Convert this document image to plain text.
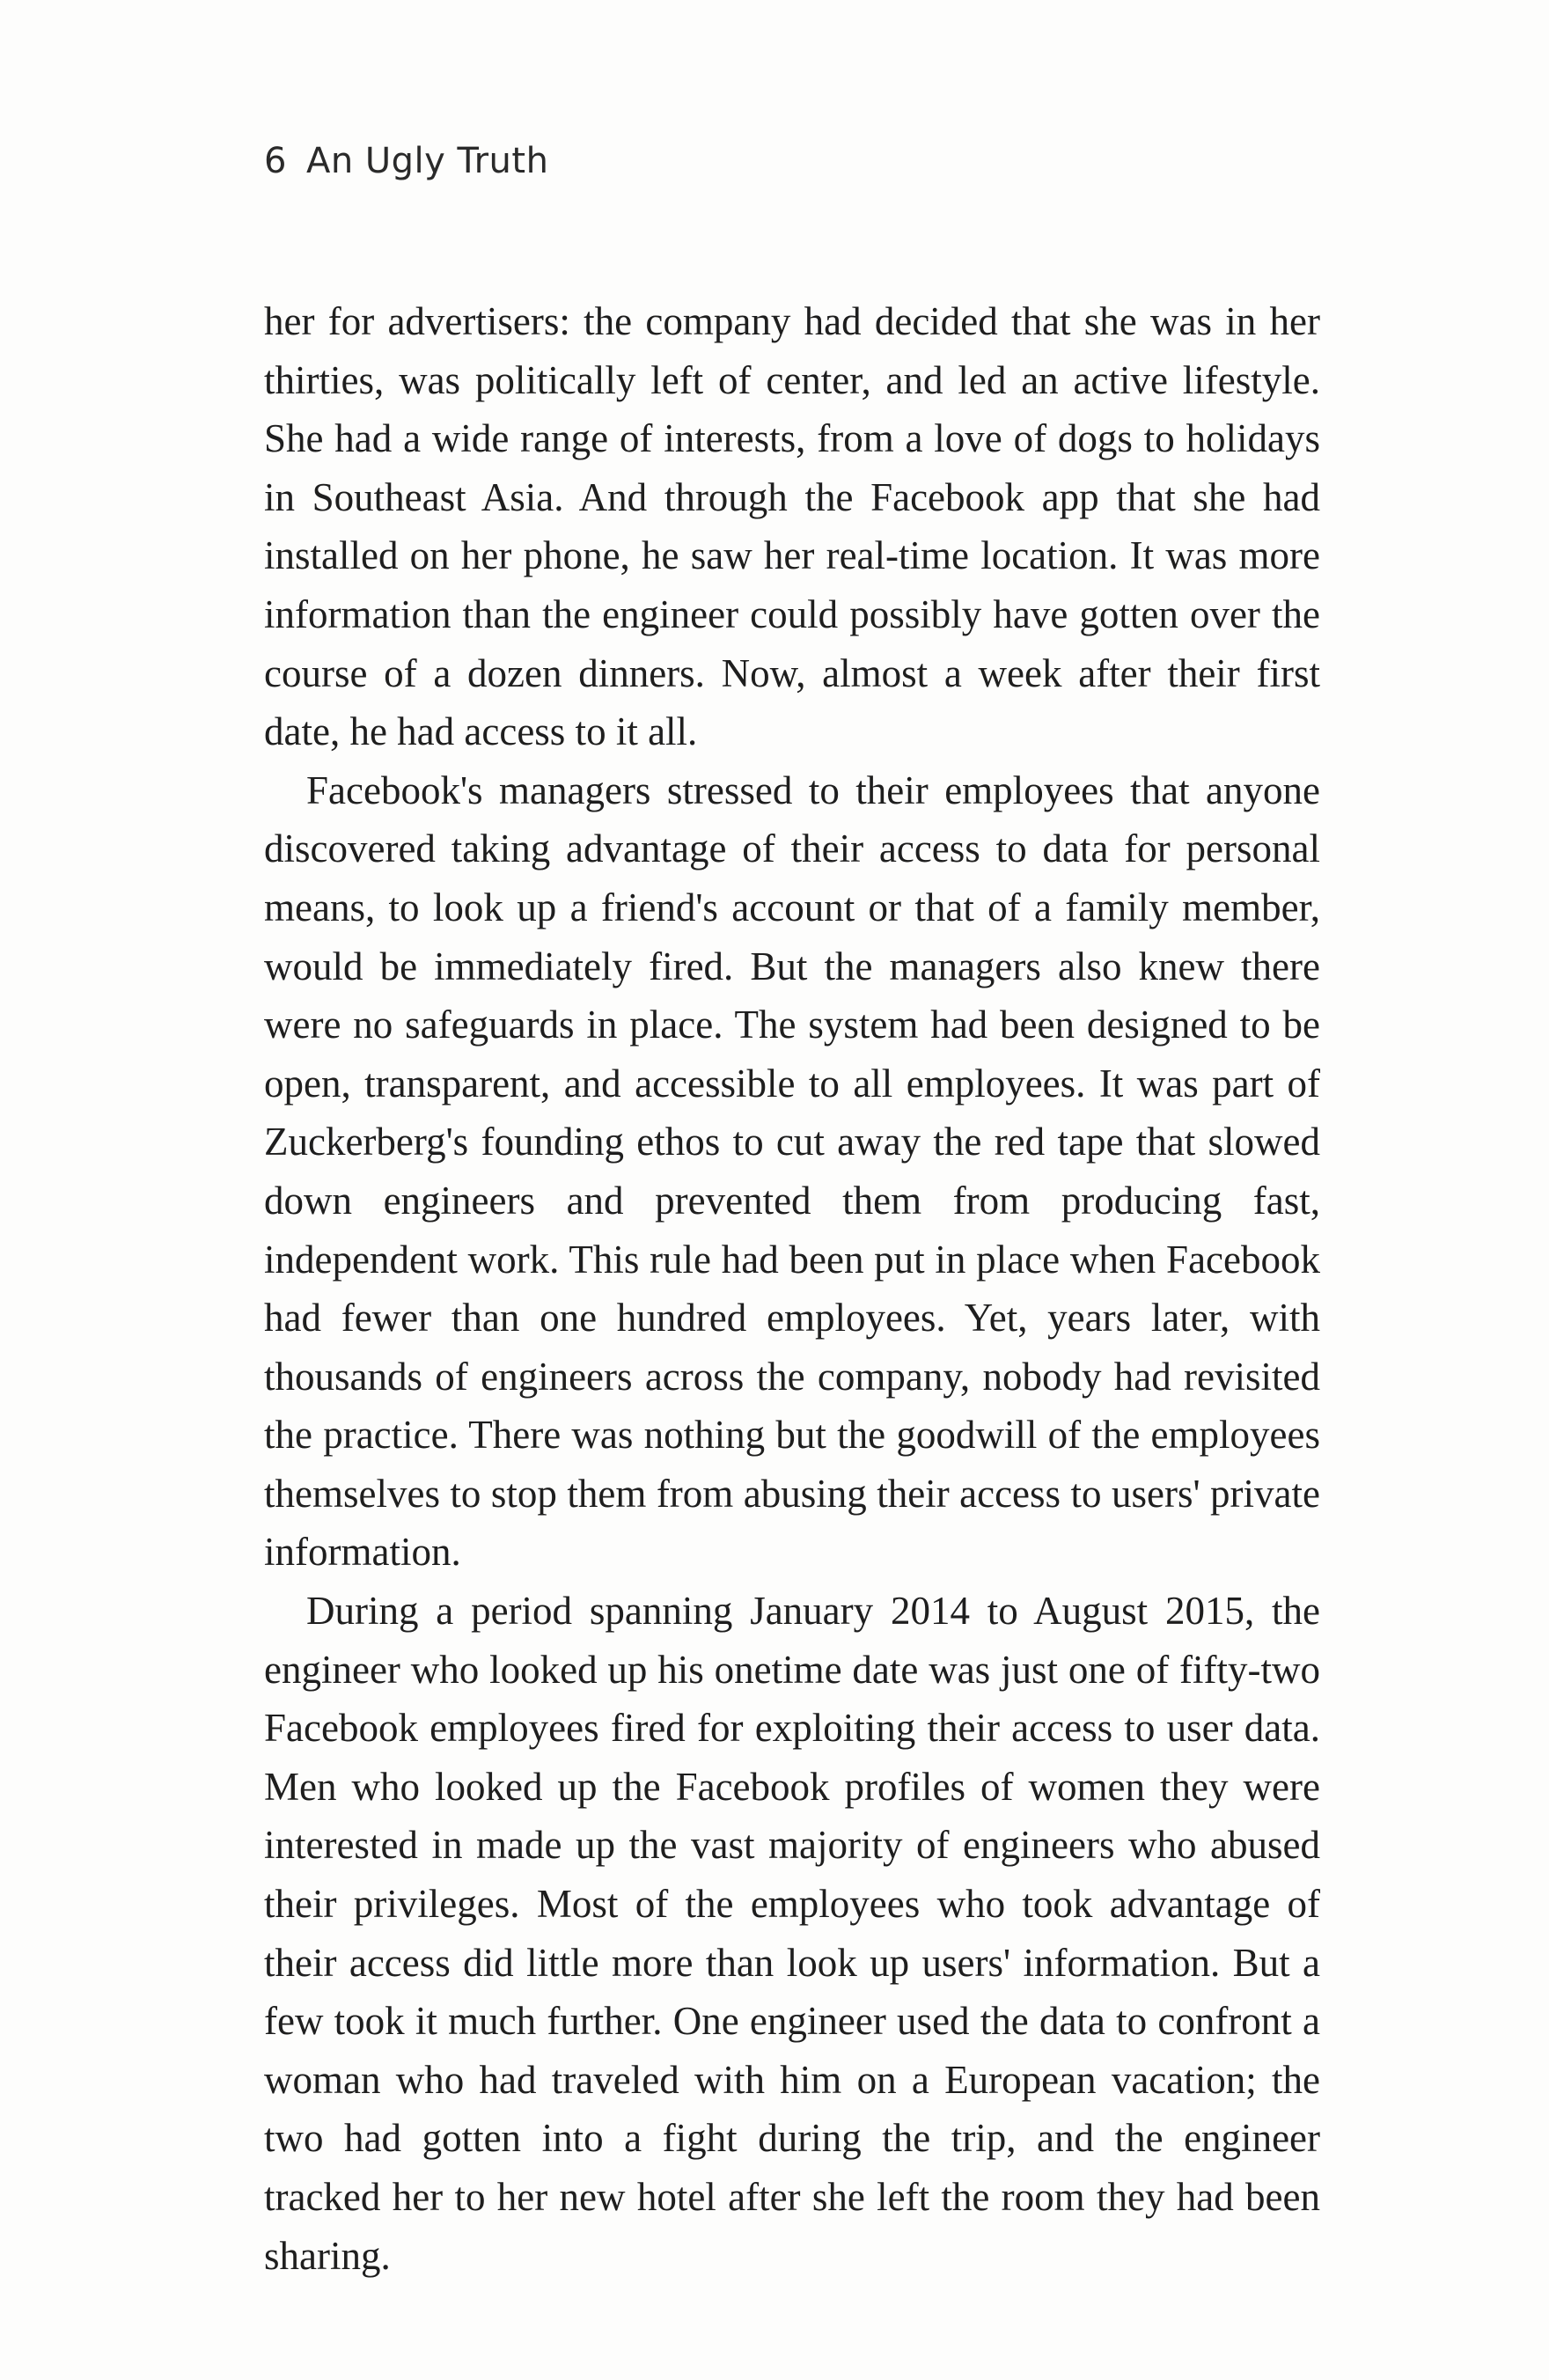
6 An Ugly Truth

her for advertisers: the company had decided that she was in her thirties, was politically left of center, and led an active lifestyle. She had a wide range of interests, from a love of dogs to holidays in Southeast Asia. And through the Facebook app that she had installed on her phone, he saw her real-time location. It was more information than the engineer could possibly have gotten over the course of a dozen dinners. Now, almost a week after their first date, he had access to it all.

Facebook's managers stressed to their employees that anyone discovered taking advantage of their access to data for personal means, to look up a friend's account or that of a family member, would be immediately fired. But the managers also knew there were no safeguards in place. The system had been designed to be open, transparent, and accessible to all employees. It was part of Zuckerberg's founding ethos to cut away the red tape that slowed down engineers and prevented them from producing fast, independent work. This rule had been put in place when Facebook had fewer than one hundred employees. Yet, years later, with thousands of engineers across the company, nobody had revisited the practice. There was nothing but the goodwill of the employees themselves to stop them from abusing their access to users' private information.

During a period spanning January 2014 to August 2015, the engineer who looked up his onetime date was just one of fifty-two Facebook employees fired for exploiting their access to user data. Men who looked up the Facebook profiles of women they were interested in made up the vast majority of engineers who abused their privileges. Most of the employees who took advantage of their access did little more than look up users' information. But a few took it much further. One engineer used the data to confront a woman who had traveled with him on a European vacation; the two had gotten into a fight during the trip, and the engineer tracked her to her new hotel after she left the room they had been sharing.
